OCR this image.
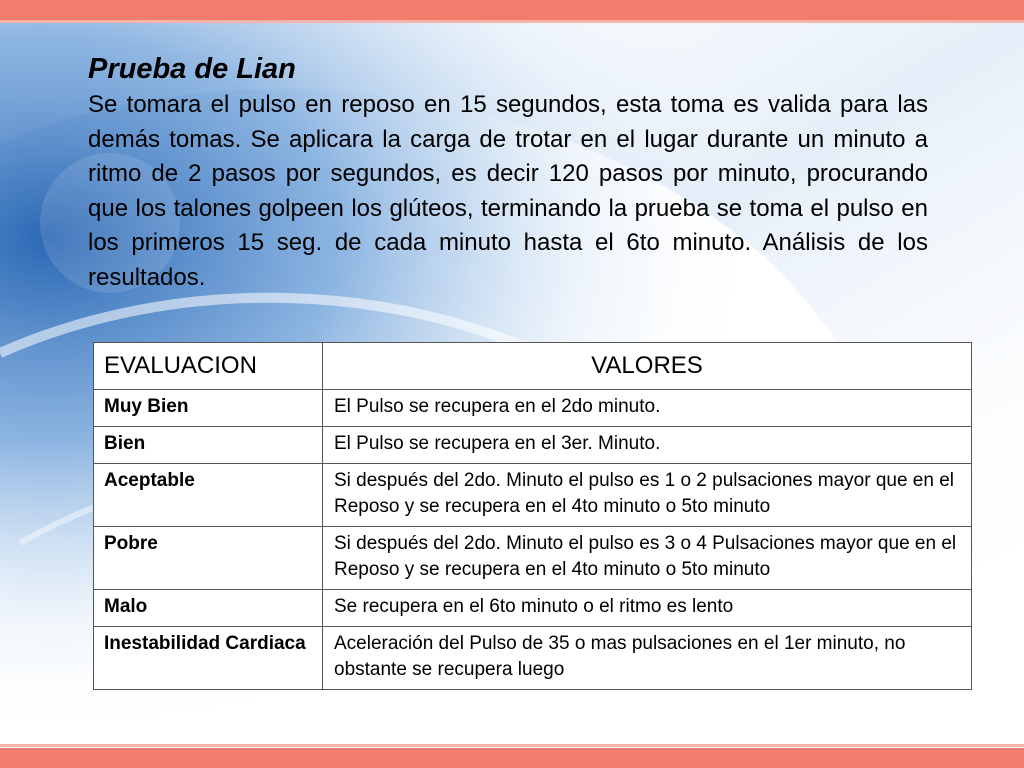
Prueba de Lian

Se tomara el pulso en reposo en 15 segundos, esta toma es valida para las demás tomas. Se aplicara la carga de trotar en el lugar durante un minuto a ritmo de 2 pasos por segundos, es decir 120 pasos por minuto, procurando que los talones golpeen los glúteos, terminando la prueba se toma el pulso en los primeros 15 seg. de cada minuto hasta el 6to minuto. Análisis de los resultados.

EVALUACION	VALORES
Muy Bien	El Pulso se recupera en el 2do minuto.
Bien	El Pulso se recupera en el 3er. Minuto.
Aceptable	Si después del 2do. Minuto el pulso es 1 o 2 pulsaciones mayor que en el Reposo y se recupera en el 4to minuto o 5to minuto
Pobre	Si después del 2do. Minuto el pulso es 3 o 4 Pulsaciones mayor que en el Reposo y se recupera en el 4to minuto o 5to minuto
Malo	Se recupera en el 6to minuto o el ritmo es lento
Inestabilidad Cardiaca	Aceleración del Pulso de 35 o mas pulsaciones en el 1er minuto, no obstante se recupera luego
